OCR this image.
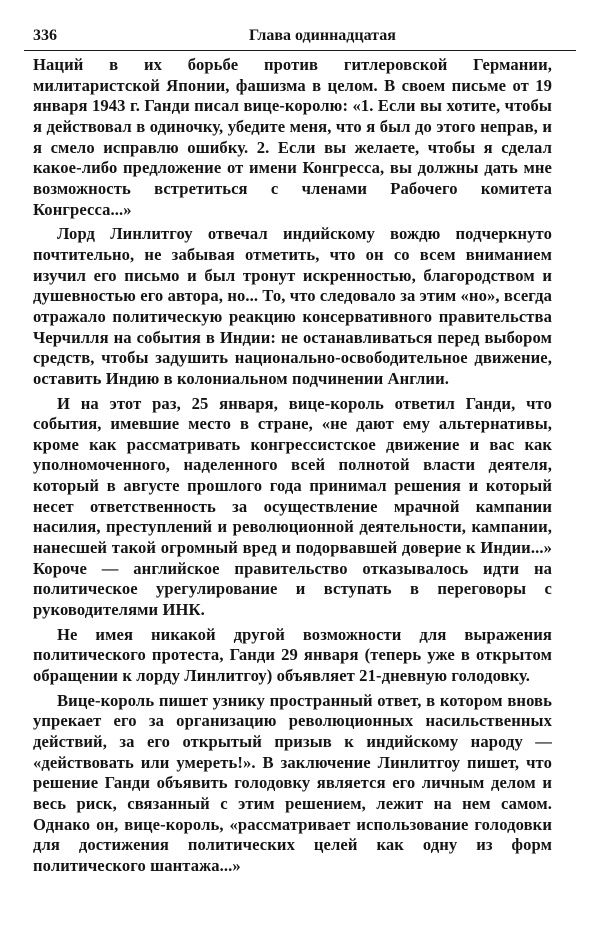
336	Глава одиннадцатая

Наций в их борьбе против гитлеровской Германии, милитаристской Японии, фашизма в целом. В своем письме от 19 января 1943 г. Ганди писал вице-королю: «1. Если вы хотите, чтобы я действовал в одиночку, убедите меня, что я был до этого неправ, и я смело исправлю ошибку. 2. Если вы желаете, чтобы я сделал какое-либо предложение от имени Конгресса, вы должны дать мне возможность встретиться с членами Рабочего комитета Конгресса...»

Лорд Линлитгоу отвечал индийскому вождю подчеркнуто почтительно, не забывая отметить, что он со всем вниманием изучил его письмо и был тронут искренностью, благородством и душевностью его автора, но... То, что следовало за этим «но», всегда отражало политическую реакцию консервативного правительства Черчилля на события в Индии: не останавливаться перед выбором средств, чтобы задушить национально-освободительное движение, оставить Индию в колониальном подчинении Англии.

И на этот раз, 25 января, вице-король ответил Ганди, что события, имевшие место в стране, «не дают ему альтернативы, кроме как рассматривать конгрессистское движение и вас как уполномоченного, наделенного всей полнотой власти деятеля, который в августе прошлого года принимал решения и который несет ответственность за осуществление мрачной кампании насилия, преступлений и революционной деятельности, кампании, нанесшей такой огромный вред и подорвавшей доверие к Индии...» Короче — английское правительство отказывалось идти на политическое урегулирование и вступать в переговоры с руководителями ИНК.

Не имея никакой другой возможности для выражения политического протеста, Ганди 29 января (теперь уже в открытом обращении к лорду Линлитгоу) объявляет 21-дневную голодовку.

Вице-король пишет узнику пространный ответ, в котором вновь упрекает его за организацию революционных насильственных действий, за его открытый призыв к индийскому народу — «действовать или умереть!». В заключение Линлитгоу пишет, что решение Ганди объявить голодовку является его личным делом и весь риск, связанный с этим решением, лежит на нем самом. Однако он, вице-король, «рассматривает использование голодовки для достижения политических целей как одну из форм политического шантажа...»
